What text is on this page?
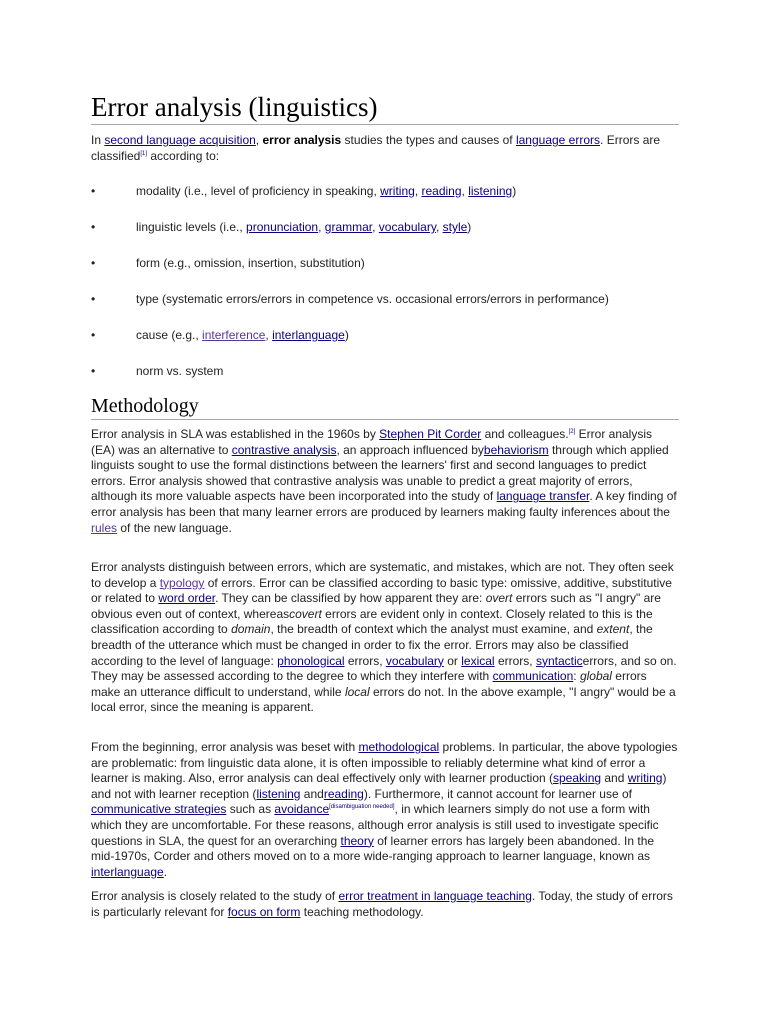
Error analysis (linguistics)

In second language acquisition, error analysis studies the types and causes of language errors. Errors are classified[1] according to:

•	modality (i.e., level of proficiency in speaking, writing, reading, listening)
•	linguistic levels (i.e., pronunciation, grammar, vocabulary, style)
•	form (e.g., omission, insertion, substitution)
•	type (systematic errors/errors in competence vs. occasional errors/errors in performance)
•	cause (e.g., interference, interlanguage)
•	norm vs. system
Methodology

Error analysis in SLA was established in the 1960s by Stephen Pit Corder and colleagues.[2] Error analysis (EA) was an alternative to contrastive analysis, an approach influenced bybehaviorism through which applied linguists sought to use the formal distinctions between the learners' first and second languages to predict errors. Error analysis showed that contrastive analysis was unable to predict a great majority of errors, although its more valuable aspects have been incorporated into the study of language transfer. A key finding of error analysis has been that many learner errors are produced by learners making faulty inferences about the rules of the new language.

Error analysts distinguish between errors, which are systematic, and mistakes, which are not. They often seek to develop a typology of errors. Error can be classified according to basic type: omissive, additive, substitutive or related to word order. They can be classified by how apparent they are: overt errors such as "I angry" are obvious even out of context, whereascovert errors are evident only in context. Closely related to this is the classification according to domain, the breadth of context which the analyst must examine, and extent, the breadth of the utterance which must be changed in order to fix the error. Errors may also be classified according to the level of language: phonological errors, vocabulary or lexical errors, syntacticerrors, and so on. They may be assessed according to the degree to which they interfere with communication: global errors make an utterance difficult to understand, while local errors do not. In the above example, "I angry" would be a local error, since the meaning is apparent.

From the beginning, error analysis was beset with methodological problems. In particular, the above typologies are problematic: from linguistic data alone, it is often impossible to reliably determine what kind of error a learner is making. Also, error analysis can deal effectively only with learner production (speaking and writing) and not with learner reception (listening andreading). Furthermore, it cannot account for learner use of communicative strategies such as avoidance[disambiguation needed], in which learners simply do not use a form with which they are uncomfortable. For these reasons, although error analysis is still used to investigate specific questions in SLA, the quest for an overarching theory of learner errors has largely been abandoned. In the mid-1970s, Corder and others moved on to a more wide-ranging approach to learner language, known as interlanguage.

Error analysis is closely related to the study of error treatment in language teaching. Today, the study of errors is particularly relevant for focus on form teaching methodology.
